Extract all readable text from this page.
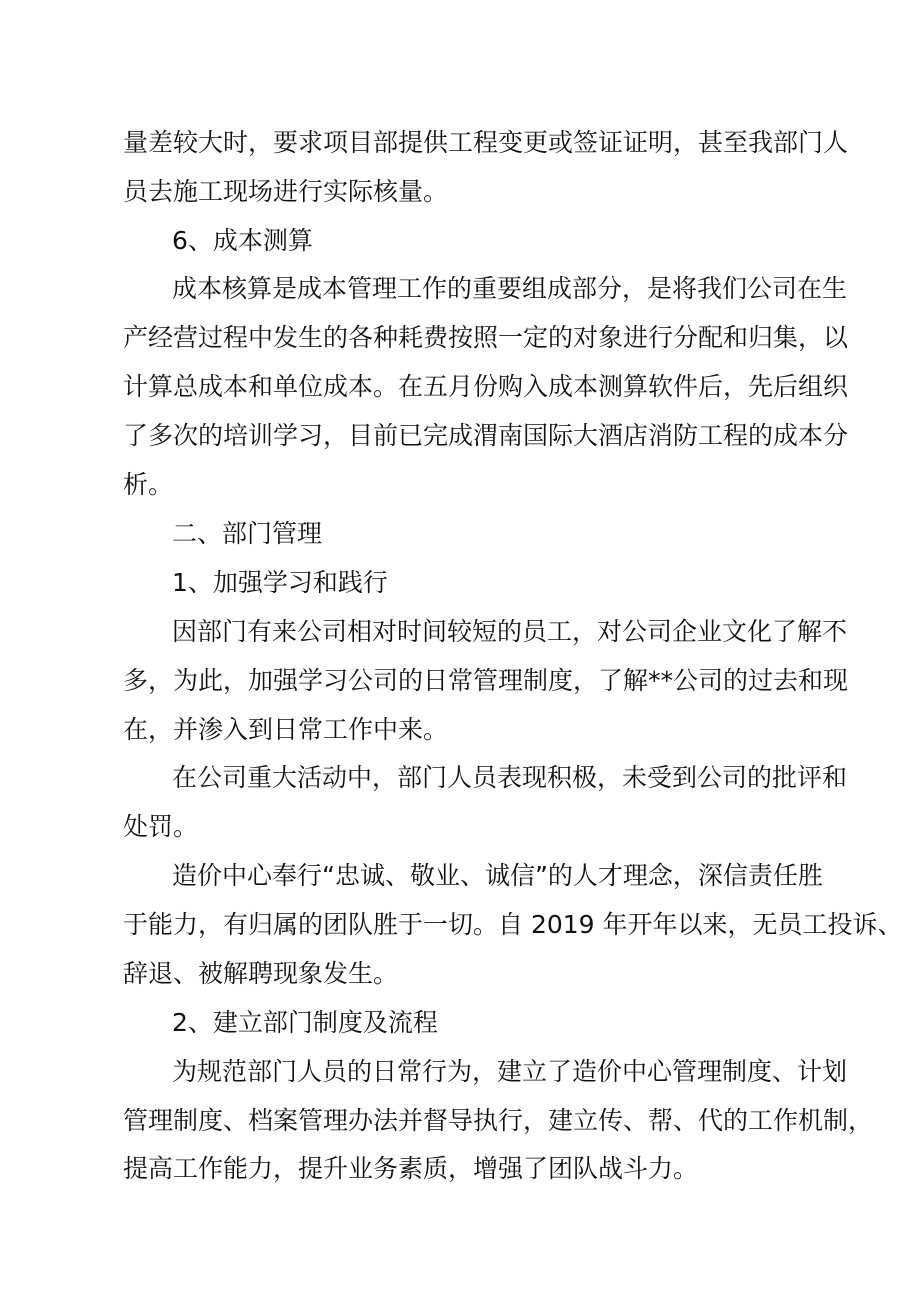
量差较大时，要求项目部提供工程变更或签证证明，甚至我部门人
员去施工现场进行实际核量。
6、成本测算
成本核算是成本管理工作的重要组成部分，是将我们公司在生
产经营过程中发生的各种耗费按照一定的对象进行分配和归集，以
计算总成本和单位成本。在五月份购入成本测算软件后，先后组织
了多次的培训学习，目前已完成渭南国际大酒店消防工程的成本分
析。
二、部门管理
1、加强学习和践行
因部门有来公司相对时间较短的员工，对公司企业文化了解不
多，为此，加强学习公司的日常管理制度，了解**公司的过去和现
在，并渗入到日常工作中来。
在公司重大活动中，部门人员表现积极，未受到公司的批评和
处罚。
造价中心奉行“忠诚、敬业、诚信”的人才理念，深信责任胜
于能力，有归属的团队胜于一切。自 2019 年开年以来，无员工投诉、
辞退、被解聘现象发生。
2、建立部门制度及流程
为规范部门人员的日常行为，建立了造价中心管理制度、计划
管理制度、档案管理办法并督导执行，建立传、帮、代的工作机制，
提高工作能力，提升业务素质，增强了团队战斗力。
